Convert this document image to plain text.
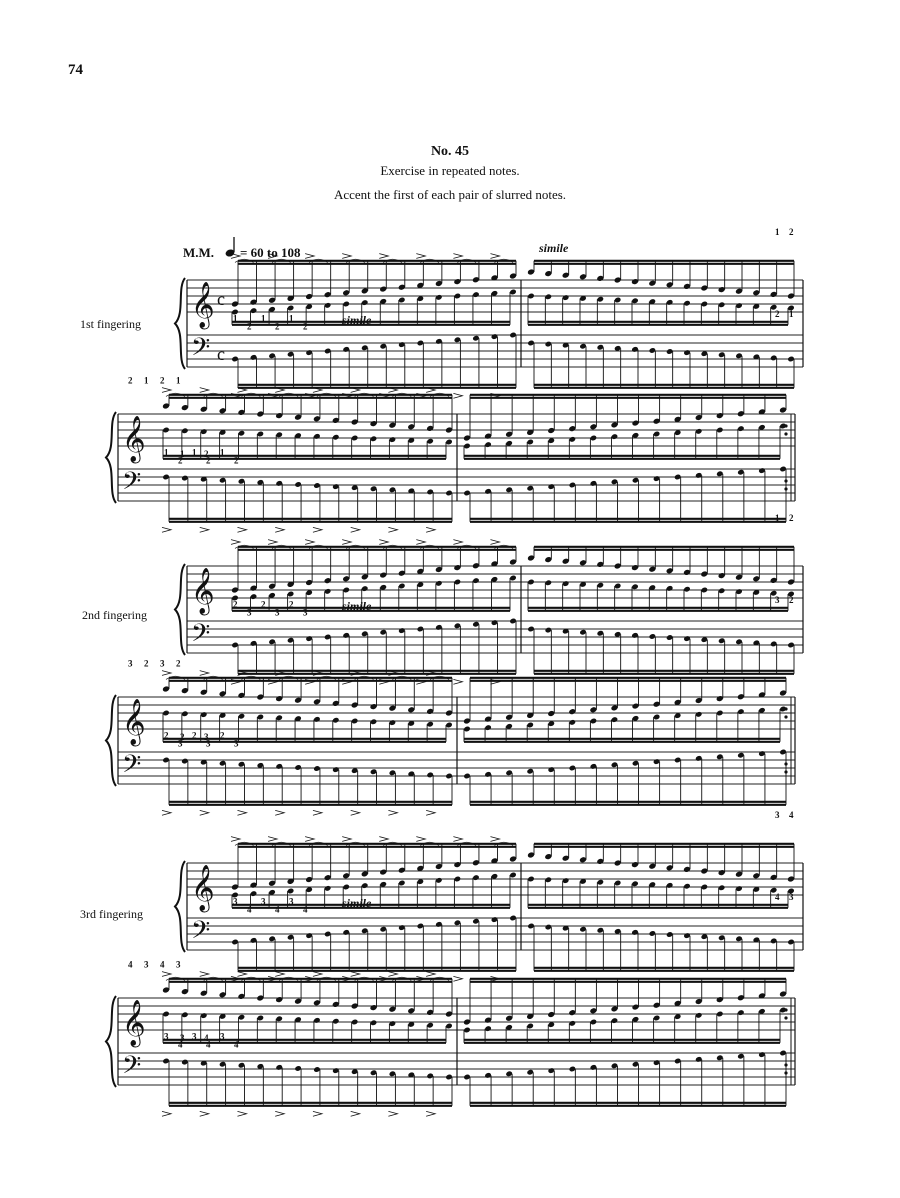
74
No. 45
Exercise in repeated notes.
Accent the first of each pair of slurred notes.
M.M. = 60 to 108
𝄞
𝄢
c
c
1st fingering
simile
simile
1
2
1
2
1
2
1 2
2 1
𝄞
𝄢
1
2
1
2
1
2
2 1 2 1
1 2
𝄞
𝄢
2nd fingering
simile
2
3
2
3
2
3
1 2
3 2
𝄞
𝄢
2
3
2
3
2
3
3 2 3 2
2 3
𝄞
𝄢
3rd fingering
simile
3
4
3
4
3
4
3 4
4 3
𝄞
𝄢
3
4
3
4
3
4
4 3 4 3
3 4
